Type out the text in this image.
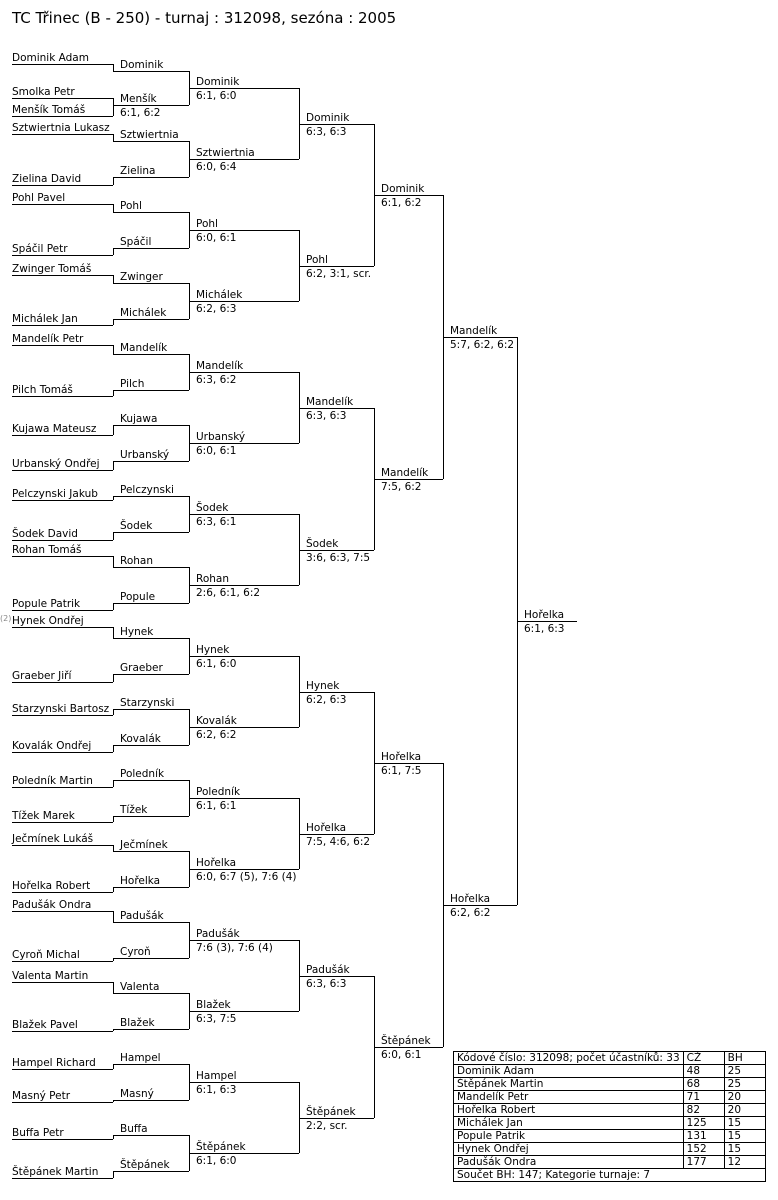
TC Třinec (B - 250) - turnaj : 312098, sezóna : 2005
(2)
Dominik Adam
Smolka Petr
Menšík Tomáš
Sztwiertnia Lukasz
Zielina David
Pohl Pavel
Spáčil Petr
Zwinger Tomáš
Michálek Jan
Mandelík Petr
Pilch Tomáš
Kujawa Mateusz
Urbanský Ondřej
Pelczynski Jakub
Šodek David
Rohan Tomáš
Popule Patrik
Hynek Ondřej
Graeber Jiří
Starzynski Bartosz
Kovalák Ondřej
Poledník Martin
Tížek Marek
Ječmínek Lukáš
Hořelka Robert
Padušák Ondra
Cyroň Michal
Valenta Martin
Blažek Pavel
Hampel Richard
Masný Petr
Buffa Petr
Štěpánek Martin
Dominik
Menšík
6:1, 6:2
Sztwiertnia
Zielina
Pohl
Spáčil
Zwinger
Michálek
Mandelík
Pilch
Kujawa
Urbanský
Pelczynski
Šodek
Rohan
Popule
Hynek
Graeber
Starzynski
Kovalák
Poledník
Tížek
Ječmínek
Hořelka
Padušák
Cyroň
Valenta
Blažek
Hampel
Masný
Buffa
Štěpánek
Dominik
6:1, 6:0
Sztwiertnia
6:0, 6:4
Pohl
6:0, 6:1
Michálek
6:2, 6:3
Mandelík
6:3, 6:2
Urbanský
6:0, 6:1
Šodek
6:3, 6:1
Rohan
2:6, 6:1, 6:2
Hynek
6:1, 6:0
Kovalák
6:2, 6:2
Poledník
6:1, 6:1
Hořelka
6:0, 6:7 (5), 7:6 (4)
Padušák
7:6 (3), 7:6 (4)
Blažek
6:3, 7:5
Hampel
6:1, 6:3
Štěpánek
6:1, 6:0
Dominik
6:3, 6:3
Pohl
6:2, 3:1, scr.
Mandelík
6:3, 6:3
Šodek
3:6, 6:3, 7:5
Hynek
6:2, 6:3
Hořelka
7:5, 4:6, 6:2
Padušák
6:3, 6:3
Štěpánek
2:2, scr.
Dominik
6:1, 6:2
Mandelík
7:5, 6:2
Hořelka
6:1, 7:5
Štěpánek
6:0, 6:1
Mandelík
5:7, 6:2, 6:2
Hořelka
6:2, 6:2
Hořelka
6:1, 6:3
Kódové číslo: 312098; počet účastníků: 33	CŽ	BH
Dominik Adam	48	25
Štěpánek Martin	68	25
Mandelík Petr	71	20
Hořelka Robert	82	20
Michálek Jan	125	15
Popule Patrik	131	15
Hynek Ondřej	152	15
Padušák Ondra	177	12
Součet BH: 147; Kategorie turnaje: 7		
